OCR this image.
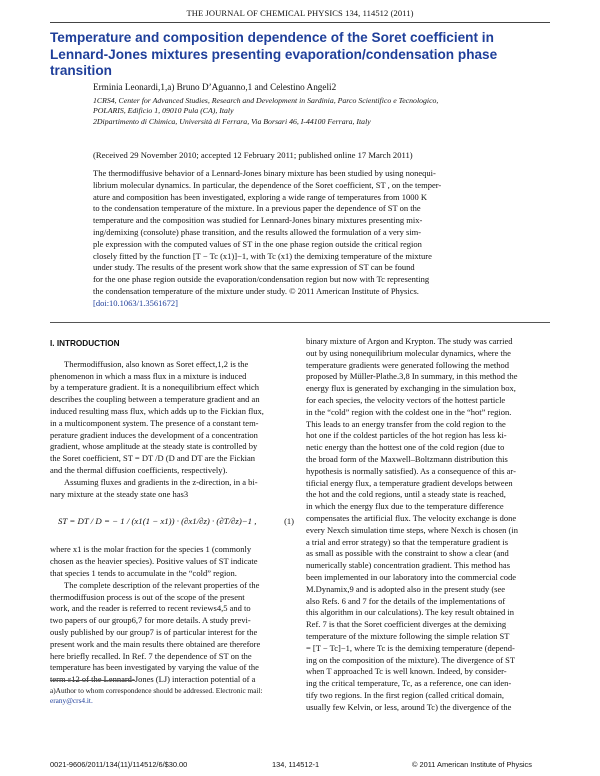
THE JOURNAL OF CHEMICAL PHYSICS 134, 114512 (2011)
Temperature and composition dependence of the Soret coefficient in
Lennard-Jones mixtures presenting evaporation/condensation phase
transition
Erminia Leonardi,1,a) Bruno D’Aguanno,1 and Celestino Angeli2
1CRS4, Center for Advanced Studies, Research and Development in Sardinia, Parco Scientifico e Tecnologico,
POLARIS, Edificio 1, 09010 Pula (CA), Italy
2Dipartimento di Chimica, Università di Ferrara, Via Borsari 46, I-44100 Ferrara, Italy
(Received 29 November 2010; accepted 12 February 2011; published online 17 March 2011)
The thermodiffusive behavior of a Lennard-Jones binary mixture has been studied by using nonequi-
librium molecular dynamics. In particular, the dependence of the Soret coefficient, ST , on the temper-
ature and composition has been investigated, exploring a wide range of temperatures from 1000 K
to the condensation temperature of the mixture. In a previous paper the dependence of ST on the
temperature and the composition was studied for Lennard-Jones binary mixtures presenting mix-
ing/demixing (consolute) phase transition, and the results allowed the formulation of a very sim-
ple expression with the computed values of ST in the one phase region outside the critical region
closely fitted by the function [T − Tc (x1)]−1, with Tc (x1) the demixing temperature of the mixture
under study. The results of the present work show that the same expression of ST can be found
for the one phase region outside the evaporation/condensation region but now with Tc representing
the condensation temperature of the mixture under study. © 2011 American Institute of Physics.
[doi:10.1063/1.3561672]
I. INTRODUCTION
Thermodiffusion, also known as Soret effect,1,2 is the
phenomenon in which a mass flux in a mixture is induced
by a temperature gradient. It is a nonequilibrium effect which
describes the coupling between a temperature gradient and an
induced resulting mass flux, which adds up to the Fickian flux,
in a multicomponent system. The presence of a constant tem-
perature gradient induces the development of a concentration
gradient, whose amplitude at the steady state is controlled by
the Soret coefficient, ST = DT /D (D and DT are the Fickian
and the thermal diffusion coefficients, respectively).
Assuming fluxes and gradients in the z-direction, in a bi-
nary mixture at the steady state one has3
ST = DT / D = − 1 / (x1(1 − x1)) · (∂x1/∂z) · (∂T/∂z)−1 ,	(1)
where x1 is the molar fraction for the species 1 (commonly
chosen as the heavier species). Positive values of ST indicate
that species 1 tends to accumulate in the “cold” region.
The complete description of the relevant properties of the
thermodiffusion process is out of the scope of the present
work, and the reader is referred to recent reviews4,5 and to
two papers of our group6,7 for more details. A study previ-
ously published by our group7 is of particular interest for the
present work and the main results there obtained are therefore
here briefly recalled. In Ref. 7 the dependence of ST on the
temperature has been investigated by varying the value of the
term ε12 of the Lennard-Jones (LJ) interaction potential of a
a)Author to whom correspondence should be addressed. Electronic mail:
erany@crs4.it.
binary mixture of Argon and Krypton. The study was carried
out by using nonequilibrium molecular dynamics, where the
temperature gradients were generated following the method
proposed by Müller-Plathe.3,8 In summary, in this method the
energy flux is generated by exchanging in the simulation box,
for each species, the velocity vectors of the hottest particle
in the “cold” region with the coldest one in the “hot” region.
This leads to an energy transfer from the cold region to the
hot one if the coldest particles of the hot region has less ki-
netic energy than the hottest one of the cold region (due to
the broad form of the Maxwell–Boltzmann distribution this
hypothesis is normally satisfied). As a consequence of this ar-
tificial energy flux, a temperature gradient develops between
the hot and the cold regions, until a steady state is reached,
in which the energy flux due to the temperature difference
compensates the artificial flux. The velocity exchange is done
every Nexch simulation time steps, where Nexch is chosen (in
a trial and error strategy) so that the temperature gradient is
as small as possible with the constraint to show a clear (and
numerically stable) concentration gradient. This method has
been implemented in our laboratory into the commercial code
M.Dynamix,9 and is adopted also in the present study (see
also Refs. 6 and 7 for the details of the implementations of
this algorithm in our calculations). The key result obtained in
Ref. 7 is that the Soret coefficient diverges at the demixing
temperature of the mixture following the simple relation ST
= [T − Tc]−1, where Tc is the demixing temperature (depend-
ing on the composition of the mixture). The divergence of ST
when T approached Tc is well known. Indeed, by consider-
ing the critical temperature, Tc, as a reference, one can iden-
tify two regions. In the first region (called critical domain,
usually few Kelvin, or less, around Tc) the divergence of the
0021-9606/2011/134(11)/114512/6/$30.00	134, 114512-1	© 2011 American Institute of Physics
